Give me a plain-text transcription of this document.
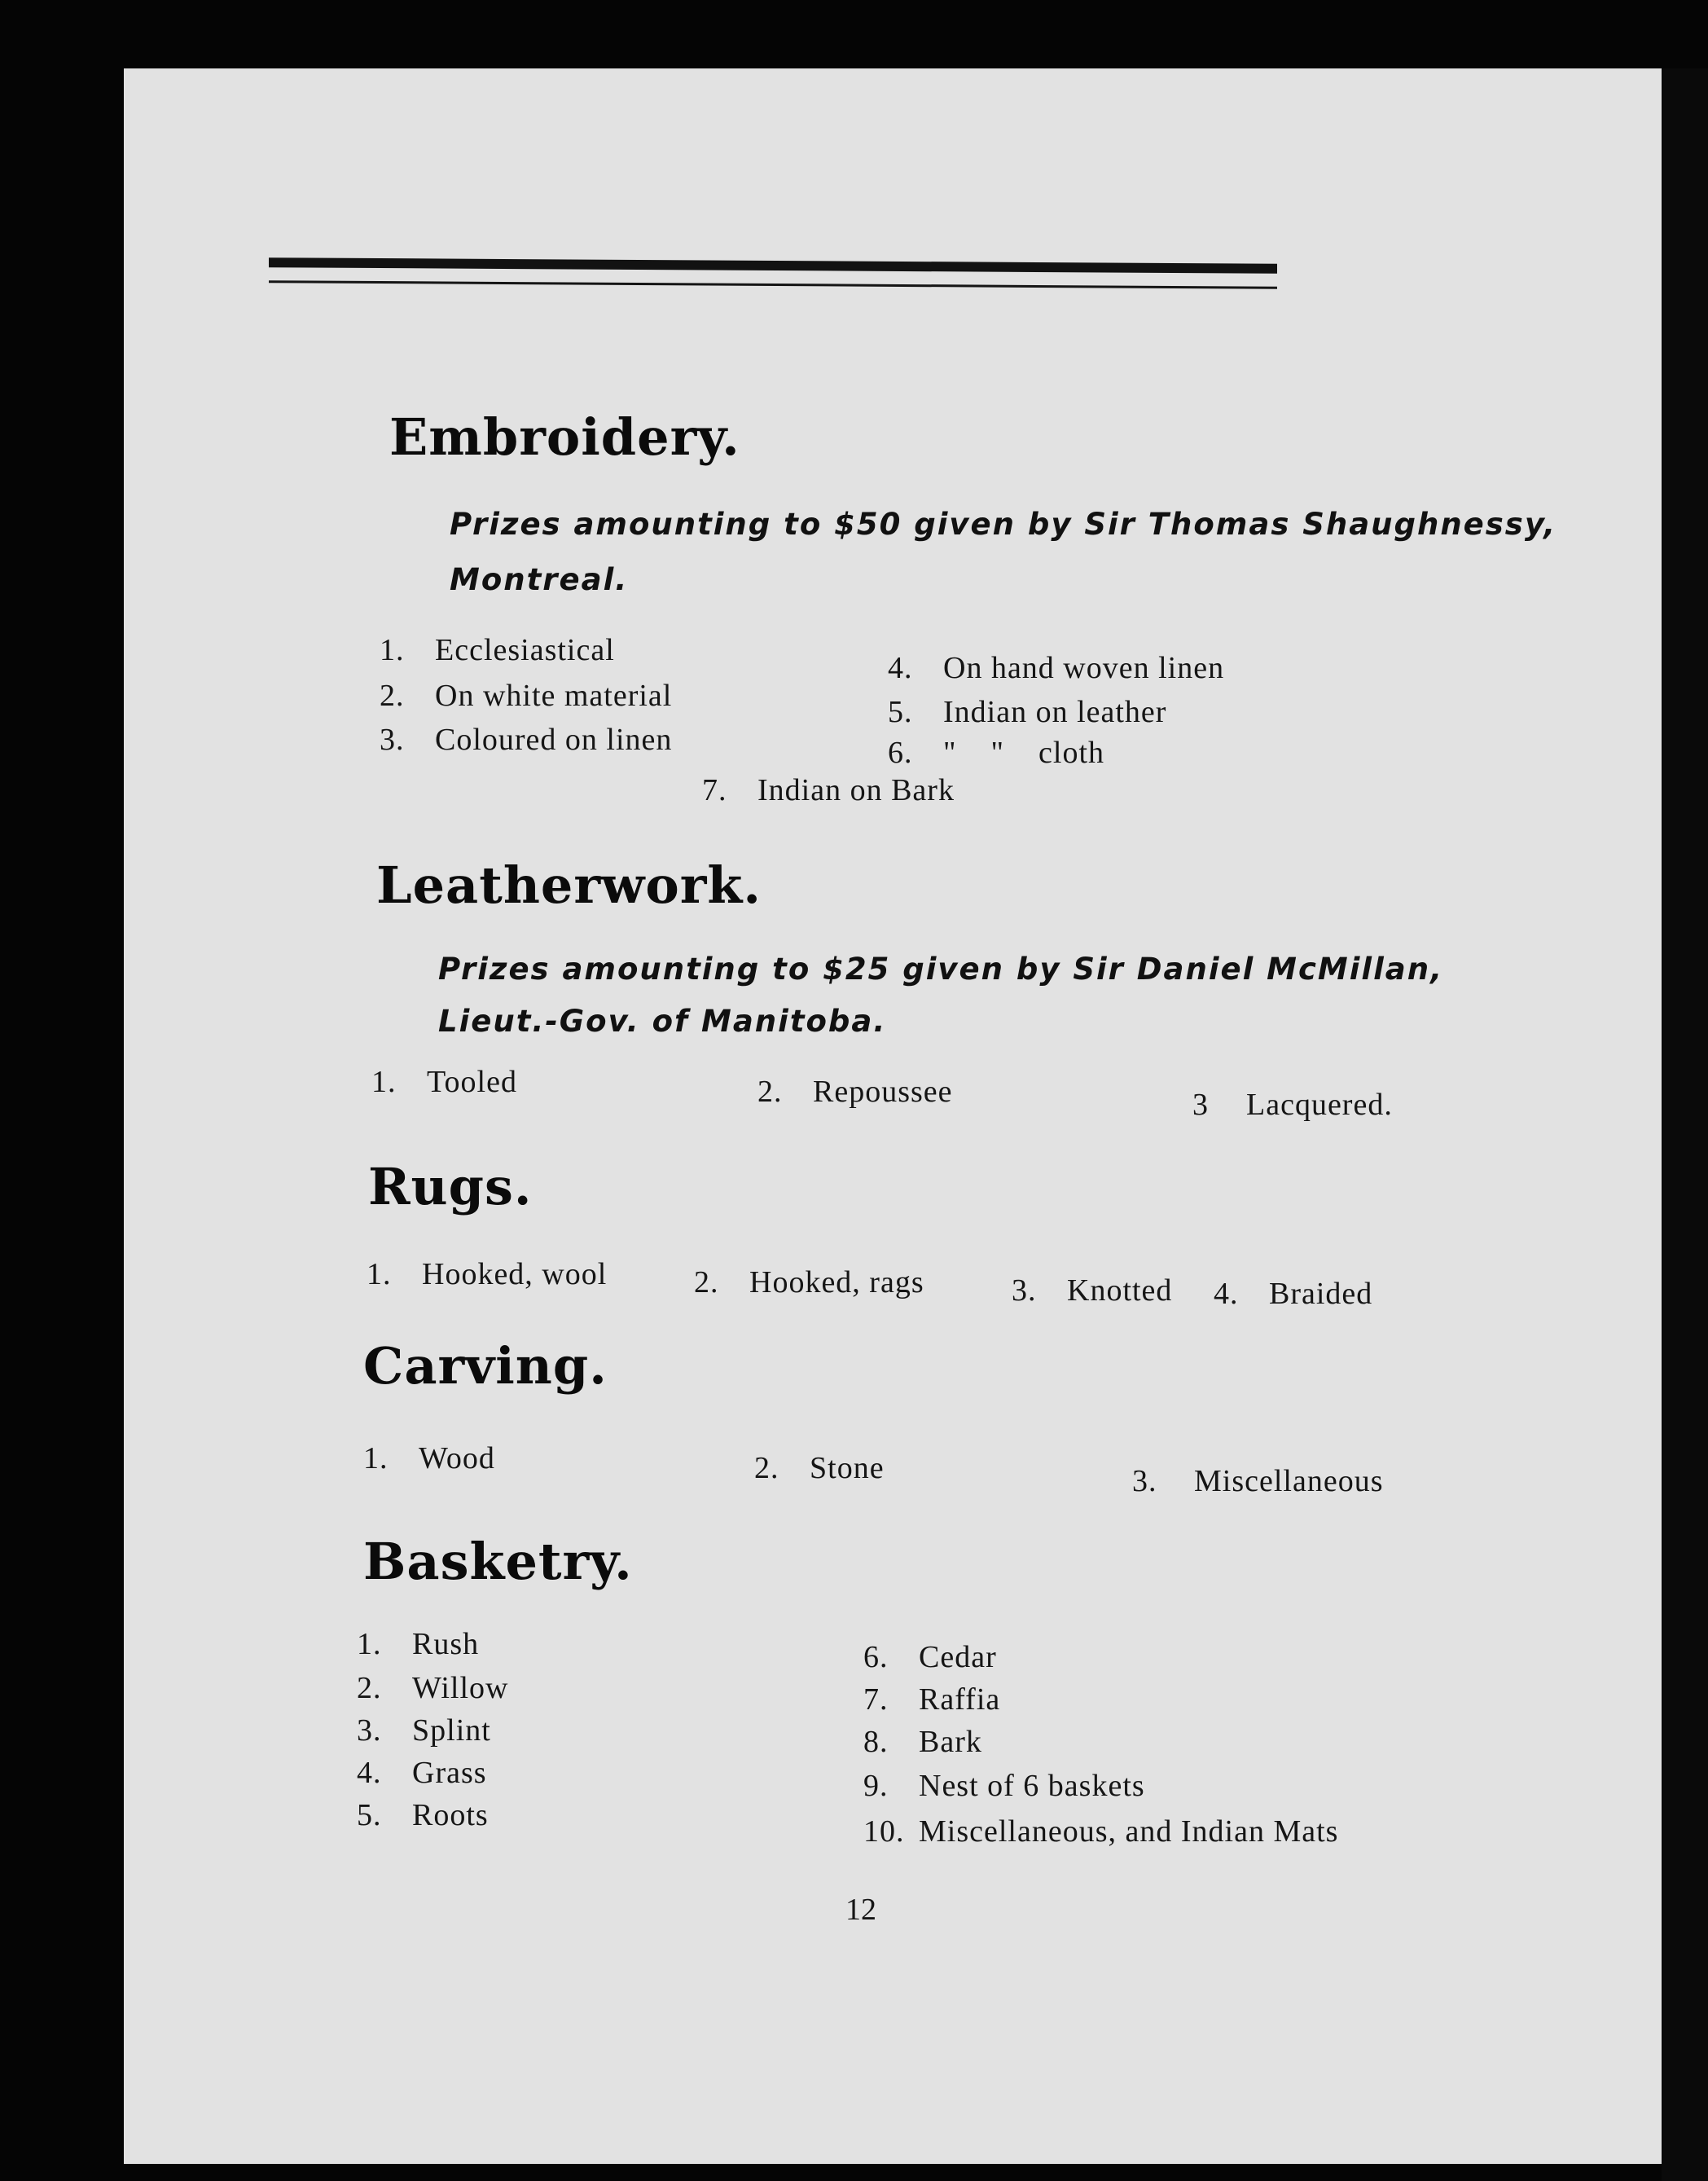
Embroidery.
Prizes amounting to $50 given by Sir Thomas Shaughnessy,
Montreal.
1. Ecclesiastical
2. On white material
3. Coloured on linen
4. On hand woven linen
5. Indian on leather
6. "    "    cloth
7. Indian on Bark
Leatherwork.
Prizes amounting to $25 given by Sir Daniel McMillan,
Lieut.-Gov. of Manitoba.
1. Tooled	2. Repoussee	3 Lacquered.
Rugs.
1. Hooked, wool	2. Hooked, rags	3. Knotted 4. Braided
Carving.
1. Wood	2. Stone	3. Miscellaneous
Basketry.
1. Rush
2. Willow
3. Splint
4. Grass
5. Roots
6. Cedar
7. Raffia
8. Bark
9. Nest of 6 baskets
10. Miscellaneous, and Indian Mats
12
